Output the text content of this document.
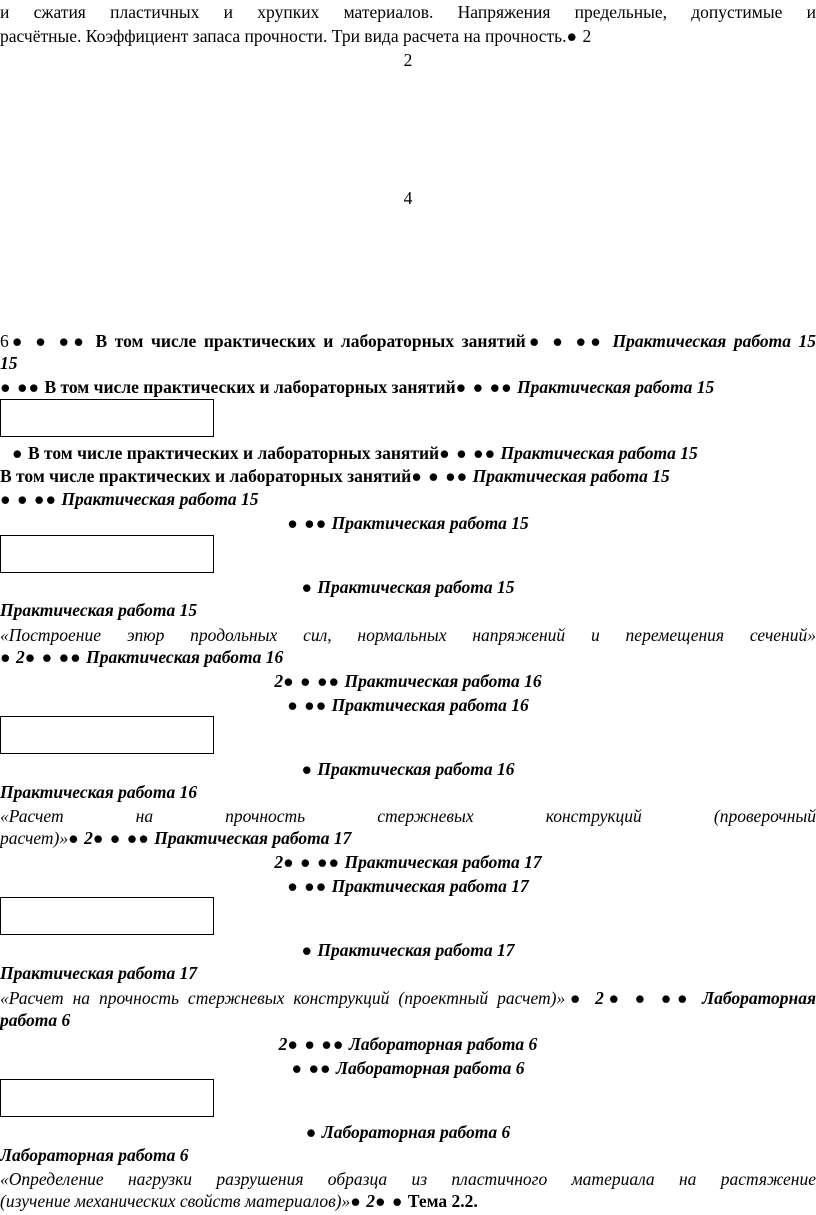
и сжатия пластичных и хрупких материалов. Напряжения предельные, допустимые и
расчётные. Коэффициент запаса прочности. Три вида расчета на прочность.● 2
2
4
6● ● ●● В том числе практических и лабораторных занятий● ● ●● Практическая работа 15
15
● ●● В том числе практических и лабораторных занятий● ● ●● Практическая работа 15
● В том числе практических и лабораторных занятий● ● ●● Практическая работа 15
В том числе практических и лабораторных занятий● ● ●● Практическая работа 15
● ● ●● Практическая работа 15
● ●● Практическая работа 15
● Практическая работа 15
Практическая работа 15
«Построение эпюр продольных сил, нормальных напряжений и перемещения сечений»
● 2● ● ●● Практическая работа 16
2● ● ●● Практическая работа 16
● ●● Практическая работа 16
● Практическая работа 16
Практическая работа 16
«Расчет на прочность стержневых конструкций (проверочный
расчет)»● 2● ● ●● Практическая работа 17
2● ● ●● Практическая работа 17
● ●● Практическая работа 17
● Практическая работа 17
Практическая работа 17
«Расчет на прочность стержневых конструкций (проектный расчет)»● 2● ● ●● Лабораторная
работа 6
2● ● ●● Лабораторная работа 6
● ●● Лабораторная работа 6
● Лабораторная работа 6
Лабораторная работа 6
«Определение нагрузки разрушения образца из пластичного материала на растяжение
(изучение механических свойств материалов)»● 2● ● Тема 2.2.
